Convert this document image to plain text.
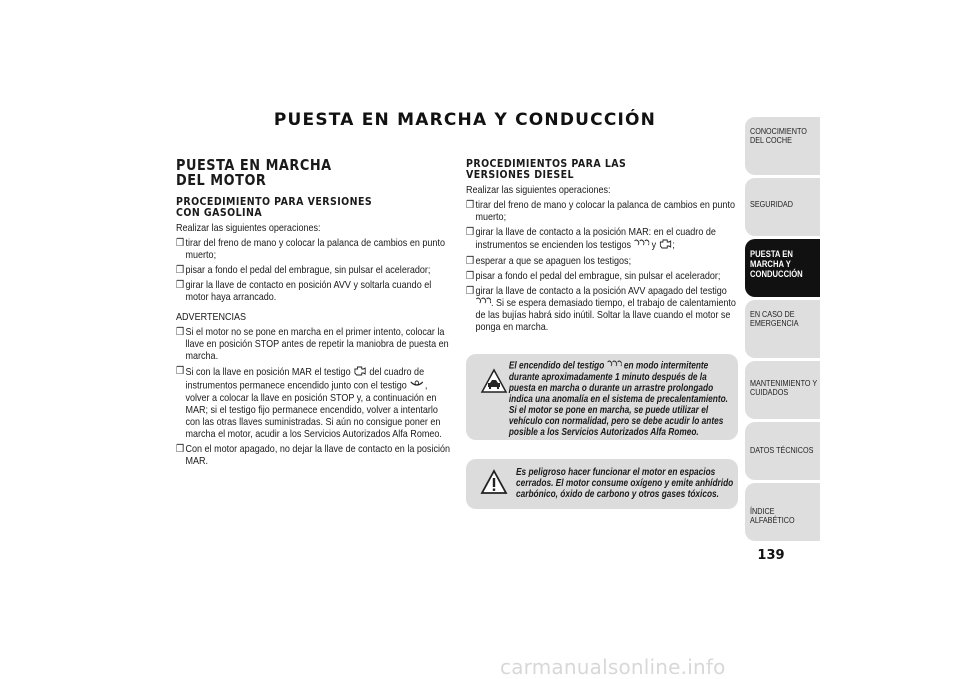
PUESTA EN MARCHA Y CONDUCCIÓN
PUESTA EN MARCHA
DEL MOTOR
PROCEDIMIENTO PARA VERSIONES
CON GASOLINA

Realizar las siguientes operaciones:

❒ tirar del freno de mano y colocar la palanca de cambios en punto muerto;
❒ pisar a fondo el pedal del embrague, sin pulsar el acelerador;
❒ girar la llave de contacto en posición AVV y soltarla cuando el motor haya arrancado.

ADVERTENCIAS

❒ Si el motor no se pone en marcha en el primer intento, colocar la llave en posición STOP antes de repetir la maniobra de puesta en marcha.
❒ Si con la llave en posición MAR el testigo del cuadro de instrumentos permanece encendido junto con el testigo , volver a colocar la llave en posición STOP y, a continuación en MAR; si el testigo fijo permanece encendido, volver a intentarlo con las otras llaves suministradas. Si aún no consigue poner en marcha el motor, acudir a los Servicios Autorizados Alfa Romeo.
❒ Con el motor apagado, no dejar la llave de contacto en la posición MAR.
PROCEDIMIENTOS PARA LAS
VERSIONES DIESEL

Realizar las siguientes operaciones:

❒ tirar del freno de mano y colocar la palanca de cambios en punto muerto;
❒ girar la llave de contacto a la posición MAR: en el cuadro de instrumentos se encienden los testigos y ;
❒ esperar a que se apaguen los testigos;
❒ pisar a fondo el pedal del embrague, sin pulsar el acelerador;
❒ girar la llave de contacto a la posición AVV apagado del testigo . Si se espera demasiado tiempo, el trabajo de calentamiento de las bujías habrá sido inútil. Soltar la llave cuando el motor se ponga en marcha.
El encendido del testigo en modo intermitente durante aproximadamente 1 minuto después de la puesta en marcha o durante un arrastre prolongado indica una anomalía en el sistema de precalentamiento. Si el motor se pone en marcha, se puede utilizar el vehículo con normalidad, pero se debe acudir lo antes posible a los Servicios Autorizados Alfa Romeo.
Es peligroso hacer funcionar el motor en espacios cerrados. El motor consume oxígeno y emite anhídrido carbónico, óxido de carbono y otros gases tóxicos.
CONOCIMIENTO DEL COCHE
SEGURIDAD
PUESTA EN MARCHA Y CONDUCCIÓN
EN CASO DE EMERGENCIA
MANTENIMIENTO Y CUIDADOS
DATOS TÉCNICOS
ÍNDICE ALFABÉTICO
139
carmanualsonline.info
